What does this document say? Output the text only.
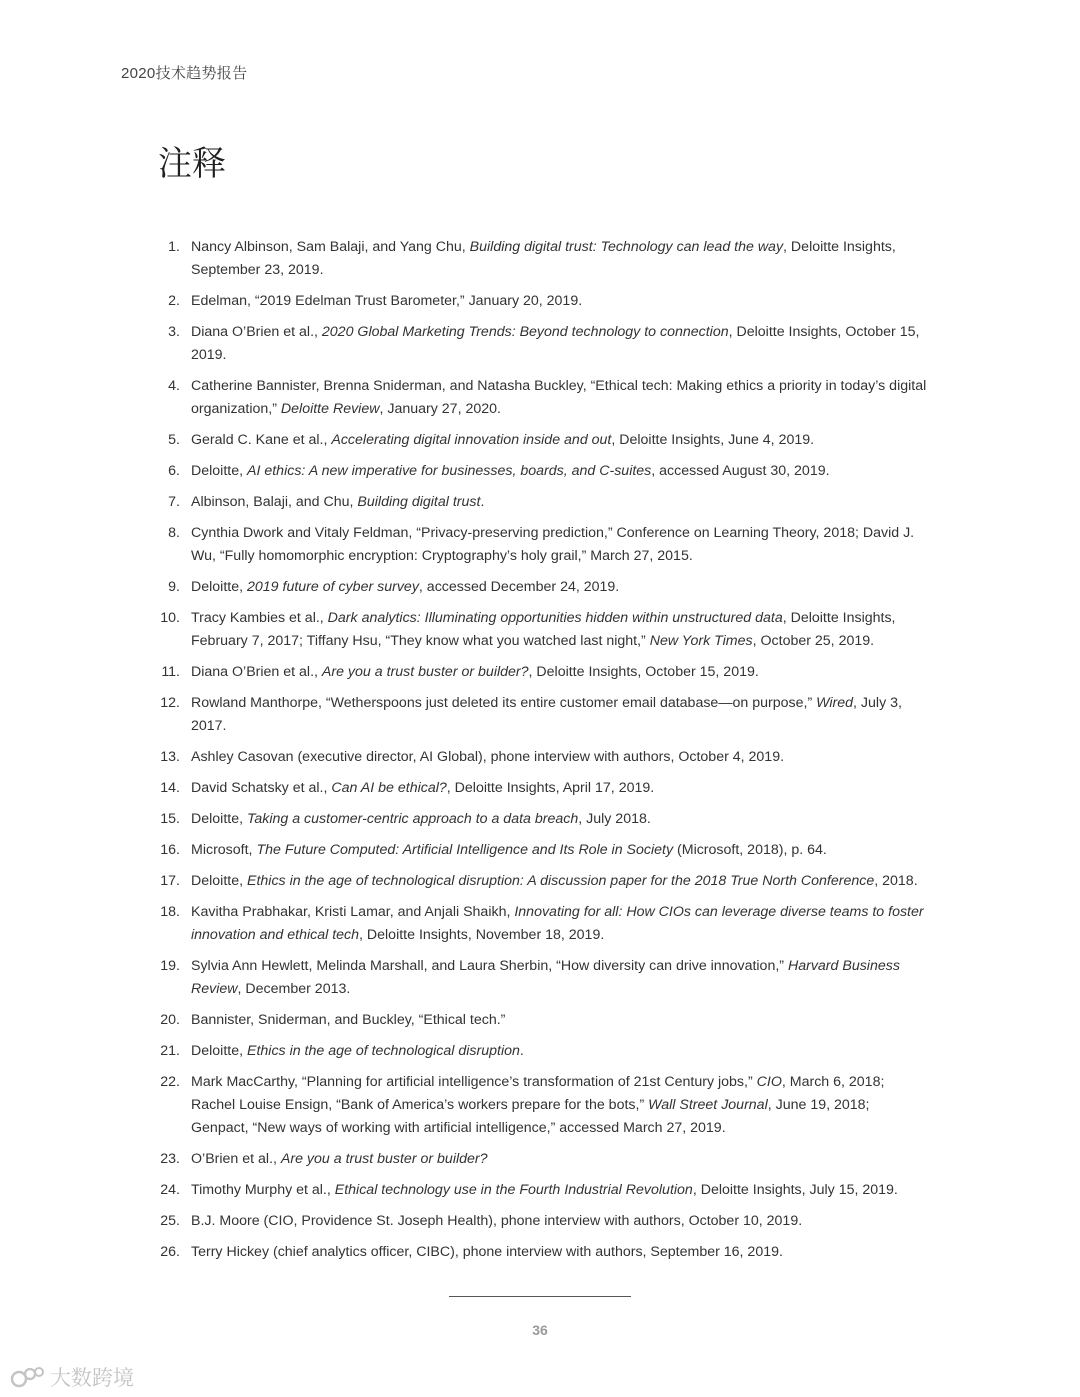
2020技术趋势报告
注释
1. Nancy Albinson, Sam Balaji, and Yang Chu, Building digital trust: Technology can lead the way, Deloitte Insights, September 23, 2019.
2. Edelman, “2019 Edelman Trust Barometer,” January 20, 2019.
3. Diana O’Brien et al., 2020 Global Marketing Trends: Beyond technology to connection, Deloitte Insights, October 15, 2019.
4. Catherine Bannister, Brenna Sniderman, and Natasha Buckley, “Ethical tech: Making ethics a priority in today’s digital organization,” Deloitte Review, January 27, 2020.
5. Gerald C. Kane et al., Accelerating digital innovation inside and out, Deloitte Insights, June 4, 2019.
6. Deloitte, AI ethics: A new imperative for businesses, boards, and C-suites, accessed August 30, 2019.
7. Albinson, Balaji, and Chu, Building digital trust.
8. Cynthia Dwork and Vitaly Feldman, “Privacy-preserving prediction,” Conference on Learning Theory, 2018; David J. Wu, “Fully homomorphic encryption: Cryptography’s holy grail,” March 27, 2015.
9. Deloitte, 2019 future of cyber survey, accessed December 24, 2019.
10. Tracy Kambies et al., Dark analytics: Illuminating opportunities hidden within unstructured data, Deloitte Insights, February 7, 2017; Tiffany Hsu, “They know what you watched last night,” New York Times, October 25, 2019.
11. Diana O’Brien et al., Are you a trust buster or builder?, Deloitte Insights, October 15, 2019.
12. Rowland Manthorpe, “Wetherspoons just deleted its entire customer email database—on purpose,” Wired, July 3, 2017.
13. Ashley Casovan (executive director, AI Global), phone interview with authors, October 4, 2019.
14. David Schatsky et al., Can AI be ethical?, Deloitte Insights, April 17, 2019.
15. Deloitte, Taking a customer-centric approach to a data breach, July 2018.
16. Microsoft, The Future Computed: Artificial Intelligence and Its Role in Society (Microsoft, 2018), p. 64.
17. Deloitte, Ethics in the age of technological disruption: A discussion paper for the 2018 True North Conference, 2018.
18. Kavitha Prabhakar, Kristi Lamar, and Anjali Shaikh, Innovating for all: How CIOs can leverage diverse teams to foster innovation and ethical tech, Deloitte Insights, November 18, 2019.
19. Sylvia Ann Hewlett, Melinda Marshall, and Laura Sherbin, “How diversity can drive innovation,” Harvard Business Review, December 2013.
20. Bannister, Sniderman, and Buckley, “Ethical tech.”
21. Deloitte, Ethics in the age of technological disruption.
22. Mark MacCarthy, “Planning for artificial intelligence’s transformation of 21st Century jobs,” CIO, March 6, 2018; Rachel Louise Ensign, “Bank of America’s workers prepare for the bots,” Wall Street Journal, June 19, 2018; Genpact, “New ways of working with artificial intelligence,” accessed March 27, 2019.
23. O’Brien et al., Are you a trust buster or builder?
24. Timothy Murphy et al., Ethical technology use in the Fourth Industrial Revolution, Deloitte Insights, July 15, 2019.
25. B.J. Moore (CIO, Providence St. Joseph Health), phone interview with authors, October 10, 2019.
26. Terry Hickey (chief analytics officer, CIBC), phone interview with authors, September 16, 2019.
36
大数跨境
